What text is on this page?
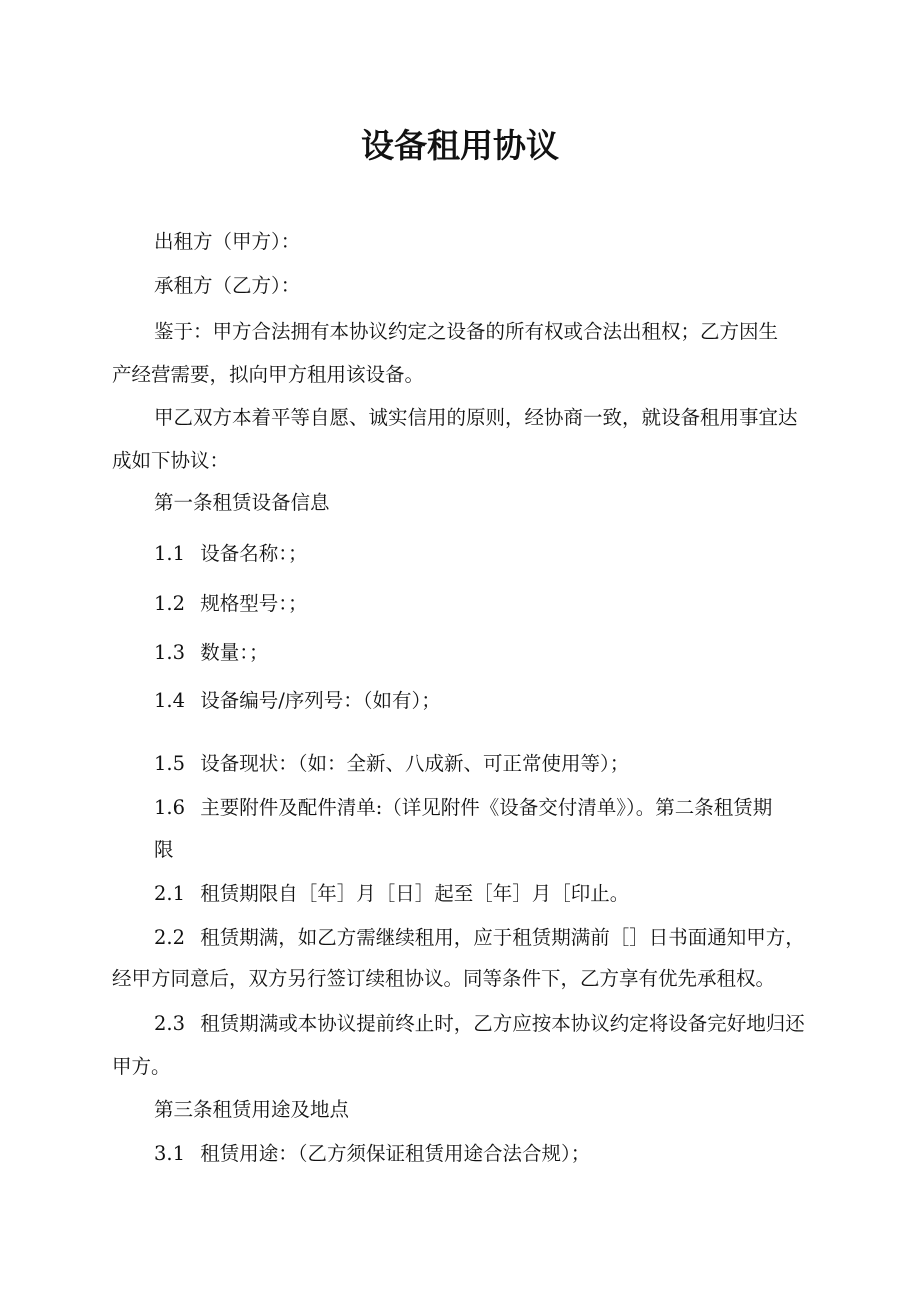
设备租用协议
出租方（甲方）：
承租方（乙方）：
鉴于：甲方合法拥有本协议约定之设备的所有权或合法出租权；乙方因生
产经营需要，拟向甲方租用该设备。
甲乙双方本着平等自愿、诚实信用的原则，经协商一致，就设备租用事宜达
成如下协议：
第一条租赁设备信息
1.1 设备名称：；
1.2 规格型号：；
1.3 数量：；
1.4 设备编号/序列号：（如有）；
1.5 设备现状：（如：全新、八成新、可正常使用等）；
1.6 主要附件及配件清单:（详见附件《设备交付清单》）。第二条租赁期
限
2.1 租赁期限自［年］月［日］起至［年］月［印止。
2.2 租赁期满，如乙方需继续租用，应于租赁期满前［］日书面通知甲方，
经甲方同意后，双方另行签订续租协议。同等条件下，乙方享有优先承租权。
2.3 租赁期满或本协议提前终止时，乙方应按本协议约定将设备完好地归还
甲方。
第三条租赁用途及地点
3.1 租赁用途：（乙方须保证租赁用途合法合规）；
